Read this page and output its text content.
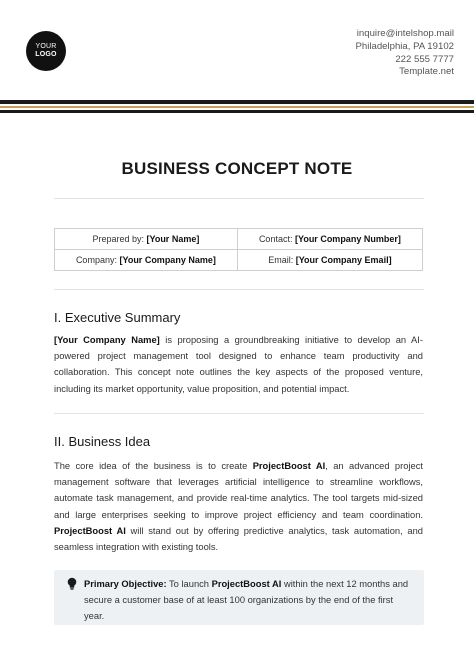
YOUR
LOGO
inquire@intelshop.mail
Philadelphia, PA 19102
222 555 7777
Template.net
BUSINESS CONCEPT NOTE
Prepared by: [Your Name]	Contact: [Your Company Number]
Company: [Your Company Name]	Email: [Your Company Email]
I. Executive Summary
[Your Company Name] is proposing a groundbreaking initiative to develop an AI-powered project management tool designed to enhance team productivity and collaboration. This concept note outlines the key aspects of the proposed venture, including its market opportunity, value proposition, and potential impact.
II. Business Idea
The core idea of the business is to create ProjectBoost AI, an advanced project management software that leverages artificial intelligence to streamline workflows, automate task management, and provide real-time analytics. The tool targets mid-sized and large enterprises seeking to improve project efficiency and team coordination. ProjectBoost AI will stand out by offering predictive analytics, task automation, and seamless integration with existing tools.
Primary Objective: To launch ProjectBoost AI within the next 12 months and secure a customer base of at least 100 organizations by the end of the first year.
